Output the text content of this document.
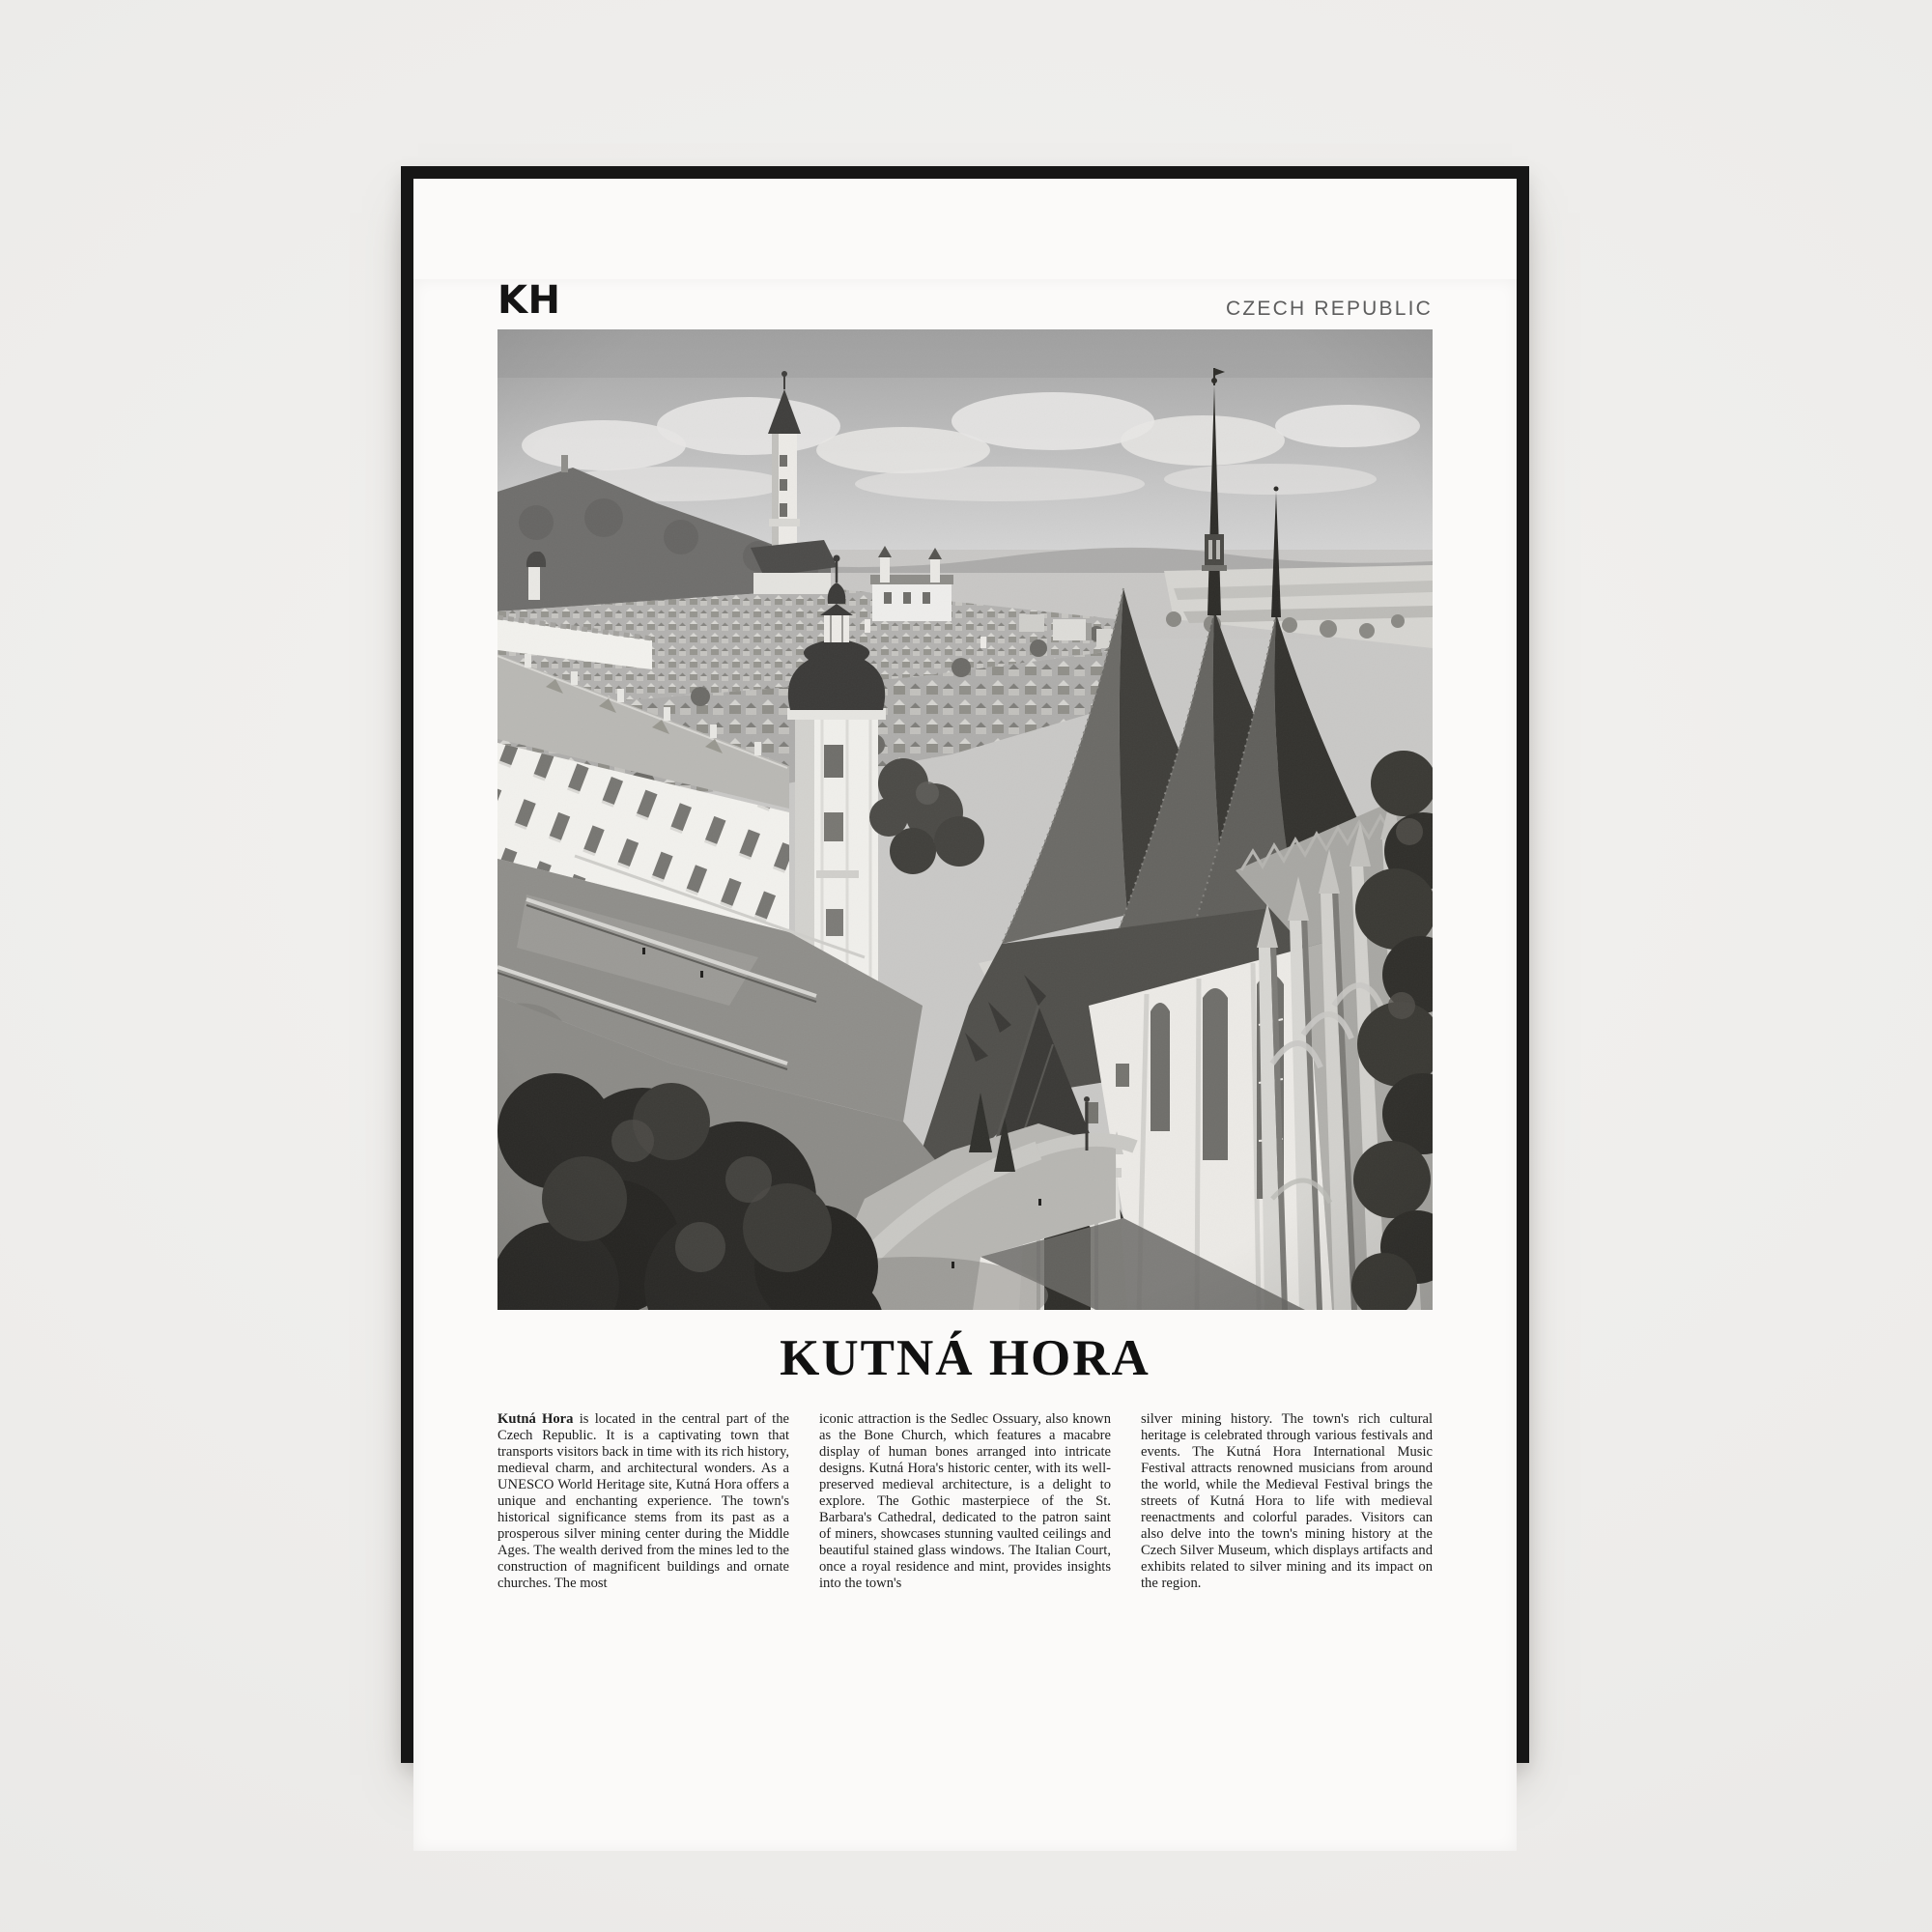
KH	CZECH REPUBLIC
KUTNÁ HORA

Kutná Hora is located in the central part of the Czech Republic. It is a captivating town that transports visitors back in time with its rich history, medieval charm, and architectural wonders. As a UNESCO World Heritage site, Kutná Hora offers a unique and enchanting experience. The town's historical significance stems from its past as a prosperous silver mining center during the Middle Ages. The wealth derived from the mines led to the construction of magnificent buildings and ornate churches. The most

iconic attraction is the Sedlec Ossuary, also known as the Bone Church, which features a macabre display of human bones arranged into intricate designs. Kutná Hora's historic center, with its well-preserved medieval architecture, is a delight to explore. The Gothic masterpiece of the St. Barbara's Cathedral, dedicated to the patron saint of miners, showcases stunning vaulted ceilings and beautiful stained glass windows. The Italian Court, once a royal residence and mint, provides insights into the town's

silver mining history. The town's rich cultural heritage is celebrated through various festivals and events. The Kutná Hora International Music Festival attracts renowned musicians from around the world, while the Medieval Festival brings the streets of Kutná Hora to life with medieval reenactments and colorful parades. Visitors can also delve into the town's mining history at the Czech Silver Museum, which displays artifacts and exhibits related to silver mining and its impact on the region.
